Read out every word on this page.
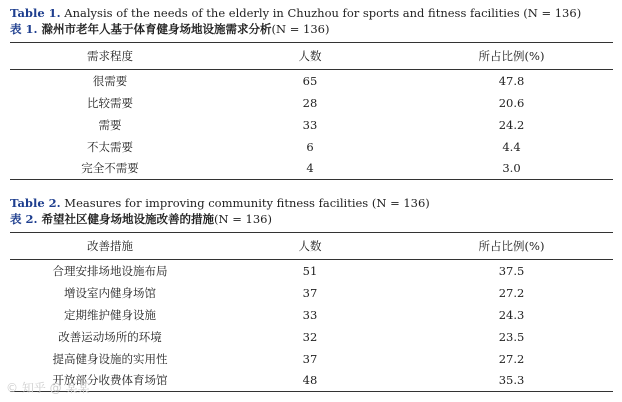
Table 1. Analysis of the needs of the elderly in Chuzhou for sports and fitness facilities (N = 136)
表 1. 滁州市老年人基于体育健身场地设施需求分析(N = 136)
需求程度	人数	所占比例(%)
很需要	65	47.8
比较需要	28	20.6
需要	33	24.2
不太需要	6	4.4
完全不需要	4	3.0
Table 2. Measures for improving community fitness facilities (N = 136)
表 2. 希望社区健身场地设施改善的措施(N = 136)
改善措施	人数	所占比例(%)
合理安排场地设施布局	51	37.5
增设室内健身场馆	37	27.2
定期维护健身设施	33	24.3
改善运动场所的环境	32	23.5
提高健身设施的实用性	37	27.2
开放部分收费体育场馆	48	35.3
© 知乎 @ 某某
